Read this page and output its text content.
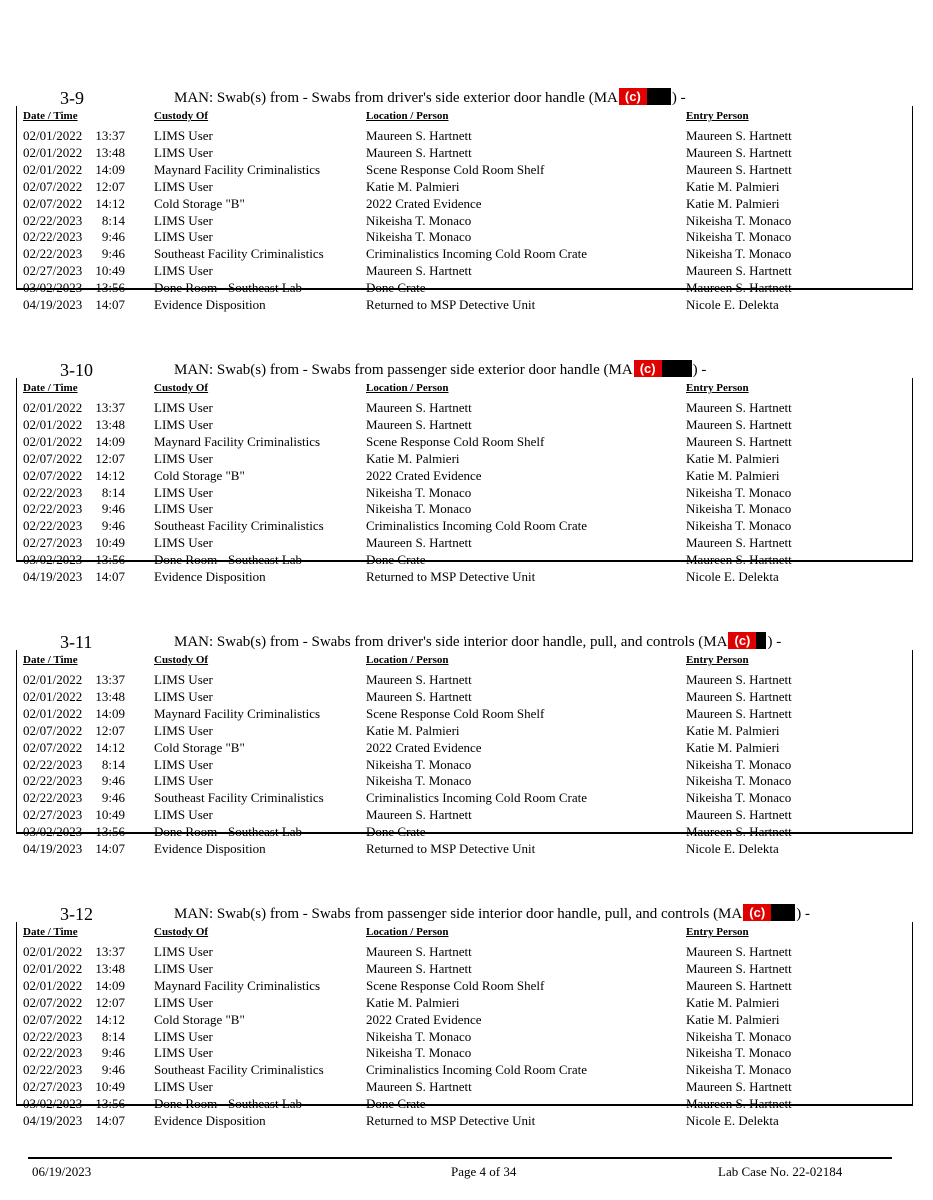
3-9	MAN: Swab(s) from - Swabs from driver's side exterior door handle (MA (c)	) -
Date / Time	Custody Of	Location / Person	Entry Person
02/01/2022 13:37 LIMS User	Maureen S. Hartnett	Maureen S. Hartnett
02/01/2022 13:48 LIMS User	Maureen S. Hartnett	Maureen S. Hartnett
02/01/2022 14:09 Maynard Facility Criminalistics	Scene Response Cold Room Shelf	Maureen S. Hartnett
02/07/2022 12:07 LIMS User	Katie M. Palmieri	Katie M. Palmieri
02/07/2022 14:12 Cold Storage "B"	2022 Crated Evidence	Katie M. Palmieri
02/22/2023	8:14 LIMS User	Nikeisha T. Monaco	Nikeisha T. Monaco
02/22/2023	9:46 LIMS User	Nikeisha T. Monaco	Nikeisha T. Monaco
02/22/2023	9:46 Southeast Facility Criminalistics	Criminalistics Incoming Cold Room Crate	Nikeisha T. Monaco
02/27/2023 10:49 LIMS User	Maureen S. Hartnett	Maureen S. Hartnett
03/02/2023 13:56 Done Room - Southeast Lab	Done Crate	Maureen S. Hartnett
04/19/2023 14:07 Evidence Disposition	Returned to MSP Detective Unit	Nicole E. Delekta
3-10	MAN: Swab(s) from - Swabs from passenger side exterior door handle (MA (c)	) -
Date / Time	Custody Of	Location / Person	Entry Person
02/01/2022 13:37 LIMS User	Maureen S. Hartnett	Maureen S. Hartnett
02/01/2022 13:48 LIMS User	Maureen S. Hartnett	Maureen S. Hartnett
02/01/2022 14:09 Maynard Facility Criminalistics	Scene Response Cold Room Shelf	Maureen S. Hartnett
02/07/2022 12:07 LIMS User	Katie M. Palmieri	Katie M. Palmieri
02/07/2022 14:12 Cold Storage "B"	2022 Crated Evidence	Katie M. Palmieri
02/22/2023	8:14 LIMS User	Nikeisha T. Monaco	Nikeisha T. Monaco
02/22/2023	9:46 LIMS User	Nikeisha T. Monaco	Nikeisha T. Monaco
02/22/2023	9:46 Southeast Facility Criminalistics	Criminalistics Incoming Cold Room Crate	Nikeisha T. Monaco
02/27/2023 10:49 LIMS User	Maureen S. Hartnett	Maureen S. Hartnett
03/02/2023 13:56 Done Room - Southeast Lab	Done Crate	Maureen S. Hartnett
04/19/2023 14:07 Evidence Disposition	Returned to MSP Detective Unit	Nicole E. Delekta
3-11	MAN: Swab(s) from - Swabs from driver's side interior door handle, pull, and controls (MA (c)	) -
Date / Time	Custody Of	Location / Person	Entry Person
02/01/2022 13:37 LIMS User	Maureen S. Hartnett	Maureen S. Hartnett
02/01/2022 13:48 LIMS User	Maureen S. Hartnett	Maureen S. Hartnett
02/01/2022 14:09 Maynard Facility Criminalistics	Scene Response Cold Room Shelf	Maureen S. Hartnett
02/07/2022 12:07 LIMS User	Katie M. Palmieri	Katie M. Palmieri
02/07/2022 14:12 Cold Storage "B"	2022 Crated Evidence	Katie M. Palmieri
02/22/2023	8:14 LIMS User	Nikeisha T. Monaco	Nikeisha T. Monaco
02/22/2023	9:46 LIMS User	Nikeisha T. Monaco	Nikeisha T. Monaco
02/22/2023	9:46 Southeast Facility Criminalistics	Criminalistics Incoming Cold Room Crate	Nikeisha T. Monaco
02/27/2023 10:49 LIMS User	Maureen S. Hartnett	Maureen S. Hartnett
03/02/2023 13:56 Done Room - Southeast Lab	Done Crate	Maureen S. Hartnett
04/19/2023 14:07 Evidence Disposition	Returned to MSP Detective Unit	Nicole E. Delekta
3-12	MAN: Swab(s) from - Swabs from passenger side interior door handle, pull, and controls (MA (c)	) -
Date / Time	Custody Of	Location / Person	Entry Person
02/01/2022 13:37 LIMS User	Maureen S. Hartnett	Maureen S. Hartnett
02/01/2022 13:48 LIMS User	Maureen S. Hartnett	Maureen S. Hartnett
02/01/2022 14:09 Maynard Facility Criminalistics	Scene Response Cold Room Shelf	Maureen S. Hartnett
02/07/2022 12:07 LIMS User	Katie M. Palmieri	Katie M. Palmieri
02/07/2022 14:12 Cold Storage "B"	2022 Crated Evidence	Katie M. Palmieri
02/22/2023	8:14 LIMS User	Nikeisha T. Monaco	Nikeisha T. Monaco
02/22/2023	9:46 LIMS User	Nikeisha T. Monaco	Nikeisha T. Monaco
02/22/2023	9:46 Southeast Facility Criminalistics	Criminalistics Incoming Cold Room Crate	Nikeisha T. Monaco
02/27/2023 10:49 LIMS User	Maureen S. Hartnett	Maureen S. Hartnett
03/02/2023 13:56 Done Room - Southeast Lab	Done Crate	Maureen S. Hartnett
04/19/2023 14:07 Evidence Disposition	Returned to MSP Detective Unit	Nicole E. Delekta
06/19/2023	Page 4 of 34	Lab Case No. 22-02184
